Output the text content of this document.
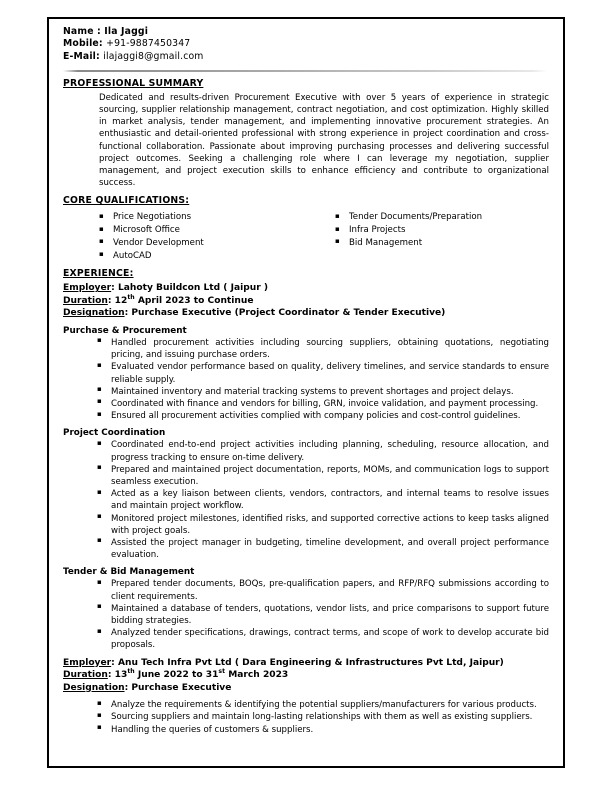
Name : Ila Jaggi
Mobile: +91-9887450347
E-Mail: ilajaggi8@gmail.com
PROFESSIONAL SUMMARY
Dedicated and results-driven Procurement Executive with over 5 years of experience in strategic sourcing, supplier relationship management, contract negotiation, and cost optimization. Highly skilled in market analysis, tender management, and implementing innovative procurement strategies. An enthusiastic and detail-oriented professional with strong experience in project coordination and cross-functional collaboration. Passionate about improving purchasing processes and delivering successful project outcomes. Seeking a challenging role where I can leverage my negotiation, supplier management, and project execution skills to enhance efficiency and contribute to organizational success.
CORE QUALIFICATIONS:
▪ Price Negotiations
▪ Microsoft Office
▪ Vendor Development
▪ AutoCAD
▪ Tender Documents/Preparation
▪ Infra Projects
▪ Bid Management
EXPERIENCE:
Employer: Lahoty Buildcon Ltd ( Jaipur )
Duration: 12th April 2023 to Continue
Designation: Purchase Executive (Project Coordinator & Tender Executive)
Purchase & Procurement
▪ Handled procurement activities including sourcing suppliers, obtaining quotations, negotiating pricing, and issuing purchase orders.
▪ Evaluated vendor performance based on quality, delivery timelines, and service standards to ensure reliable supply.
▪ Maintained inventory and material tracking systems to prevent shortages and project delays.
▪ Coordinated with finance and vendors for billing, GRN, invoice validation, and payment processing.
▪ Ensured all procurement activities complied with company policies and cost-control guidelines.
Project Coordination
▪ Coordinated end-to-end project activities including planning, scheduling, resource allocation, and progress tracking to ensure on-time delivery.
▪ Prepared and maintained project documentation, reports, MOMs, and communication logs to support seamless execution.
▪ Acted as a key liaison between clients, vendors, contractors, and internal teams to resolve issues and maintain project workflow.
▪ Monitored project milestones, identified risks, and supported corrective actions to keep tasks aligned with project goals.
▪ Assisted the project manager in budgeting, timeline development, and overall project performance evaluation.
Tender & Bid Management
▪ Prepared tender documents, BOQs, pre-qualification papers, and RFP/RFQ submissions according to client requirements.
▪ Maintained a database of tenders, quotations, vendor lists, and price comparisons to support future bidding strategies.
▪ Analyzed tender specifications, drawings, contract terms, and scope of work to develop accurate bid proposals.
Employer: Anu Tech Infra Pvt Ltd ( Dara Engineering & Infrastructures Pvt Ltd, Jaipur)
Duration: 13th June 2022 to 31st March 2023
Designation: Purchase Executive
▪ Analyze the requirements & identifying the potential suppliers/manufacturers for various products.
▪ Sourcing suppliers and maintain long-lasting relationships with them as well as existing suppliers.
▪ Handling the queries of customers & suppliers.
